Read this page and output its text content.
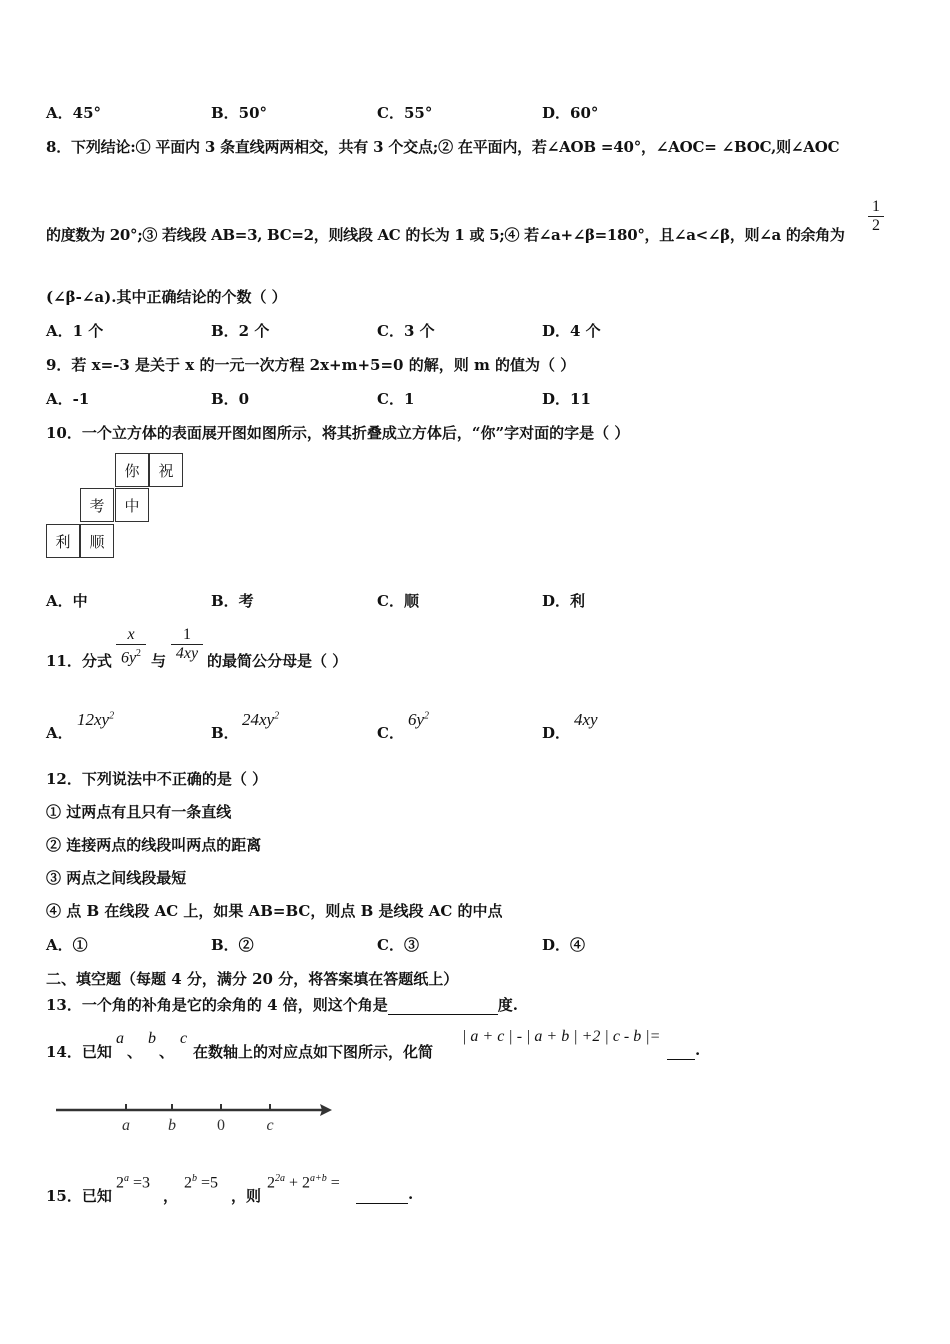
A．45°	B．50°	C．55°	D．60°
8．下列结论:① 平面内 3 条直线两两相交，共有 3 个交点;② 在平面内，若∠AOB =40°，∠AOC= ∠BOC,则∠AOC
的度数为 20°;③ 若线段 AB=3, BC=2，则线段 AC 的长为 1 或 5;④ 若∠a+∠β=180°，且∠a<∠β，则∠a 的余角为
1
2
(∠β-∠a).其中正确结论的个数（ ）
A．1 个	B．2 个	C．3 个	D．4 个
9．若 x=-3 是关于 x 的一元一次方程 2x+m+5=0 的解，则 m 的值为（ ）
A．-1	B．0	C．1	D．11
10．一个立方体的表面展开图如图所示，将其折叠成立方体后，“你”字对面的字是（ ）
你	祝
考	中
利	顺
A．中	B．考	C．顺	D．利
11．分式
x
$6y^2$ 与
1
4xy 的最简公分母是（ ）
A．
$12xy^2$
B．
$24xy^2$
C．
$6y^2$
D．
4xy
12．下列说法中不正确的是（ ）
① 过两点有且只有一条直线
② 连接两点的线段叫两点的距离
③ 两点之间线段最短
④ 点 B 在线段 AC 上，如果 AB=BC，则点 B 是线段 AC 的中点
A．①	B．②	C．③	D．④
二、填空题（每题 4 分，满分 20 分，将答案填在答题纸上）
13．一个角的补角是它的余角的 4 倍，则这个角是	度.
14．已知
a
、
b
、
c
在数轴上的对应点如下图所示，化简
| a + c | - | a + b | +2 | c - b |=
.
a b	0	c
15．已知
$2^a =3$
，
$2^b =5$
，则
$2^{2a} + 2^{a+b}$ =
.
